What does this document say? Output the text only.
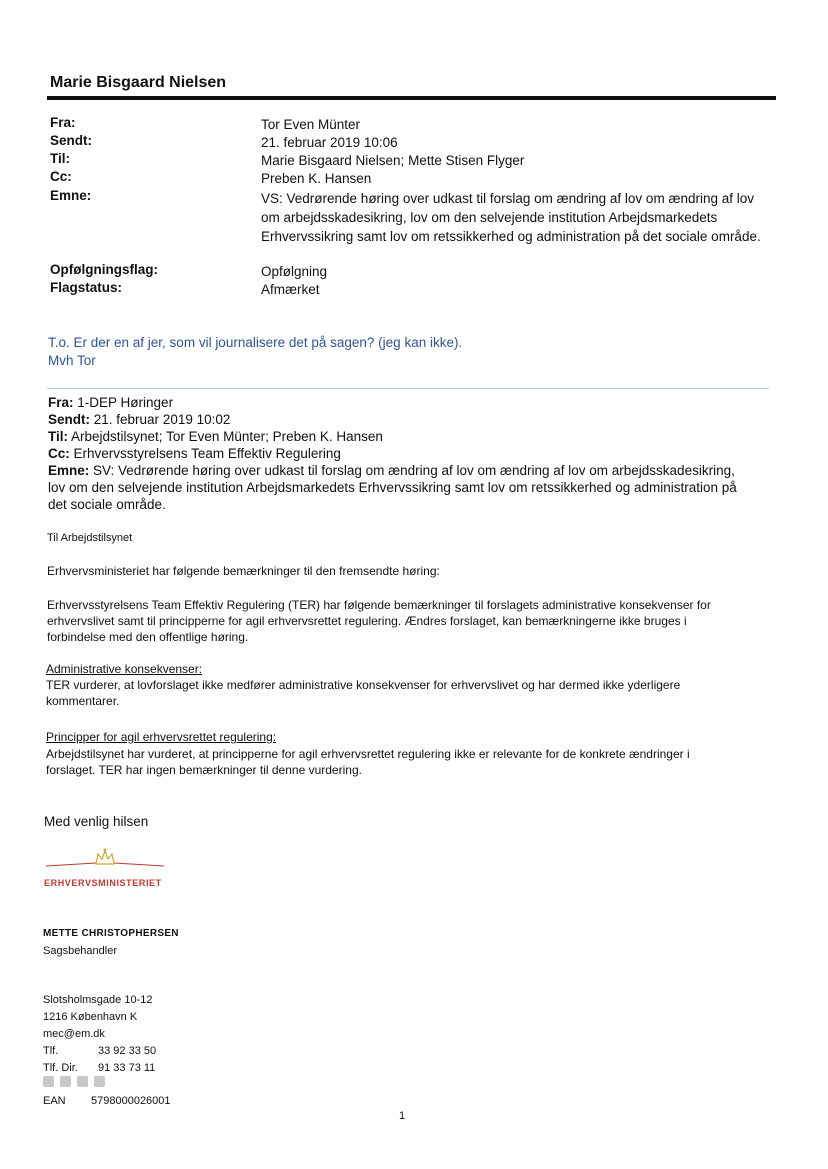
Marie Bisgaard Nielsen
Fra:
Sendt:
Til:
Cc:
Emne:
Opfølgningsflag:
Flagstatus:
Tor Even Münter
21. februar 2019 10:06
Marie Bisgaard Nielsen; Mette Stisen Flyger
Preben K. Hansen
VS: Vedrørende høring over udkast til forslag om ændring af lov om ændring af lov
om arbejdsskadesikring, lov om den selvejende institution Arbejdsmarkedets
Erhvervssikring samt lov om retssikkerhed og administration på det sociale område.
Opfølgning
Afmærket
T.o. Er der en af jer, som vil journalisere det på sagen? (jeg kan ikke).
Mvh Tor
Fra: 1-DEP Høringer
Sendt: 21. februar 2019 10:02
Til: Arbejdstilsynet; Tor Even Münter; Preben K. Hansen
Cc: Erhvervsstyrelsens Team Effektiv Regulering
Emne: SV: Vedrørende høring over udkast til forslag om ændring af lov om ændring af lov om arbejdsskadesikring,
lov om den selvejende institution Arbejdsmarkedets Erhvervssikring samt lov om retssikkerhed og administration på
det sociale område.
Til Arbejdstilsynet
Erhvervsministeriet har følgende bemærkninger til den fremsendte høring:
Erhvervsstyrelsens Team Effektiv Regulering (TER) har følgende bemærkninger til forslagets administrative konsekvenser for
erhvervslivet samt til principperne for agil erhvervsrettet regulering. Ændres forslaget, kan bemærkningerne ikke bruges i
forbindelse med den offentlige høring.
Administrative konsekvenser:
TER vurderer, at lovforslaget ikke medfører administrative konsekvenser for erhvervslivet og har dermed ikke yderligere
kommentarer.
Principper for agil erhvervsrettet regulering:
Arbejdstilsynet har vurderet, at principperne for agil erhvervsrettet regulering ikke er relevante for de konkrete ændringer i
forslaget. TER har ingen bemærkninger til denne vurdering.
Med venlig hilsen
ERHVERVSMINISTERIET
METTE CHRISTOPHERSEN
Sagsbehandler
Slotsholmsgade 10-12
1216 København K
mec@em.dk
Tlf.	33 92 33 50
Tlf. Dir. 91 33 73 11
EAN 5798000026001
1
